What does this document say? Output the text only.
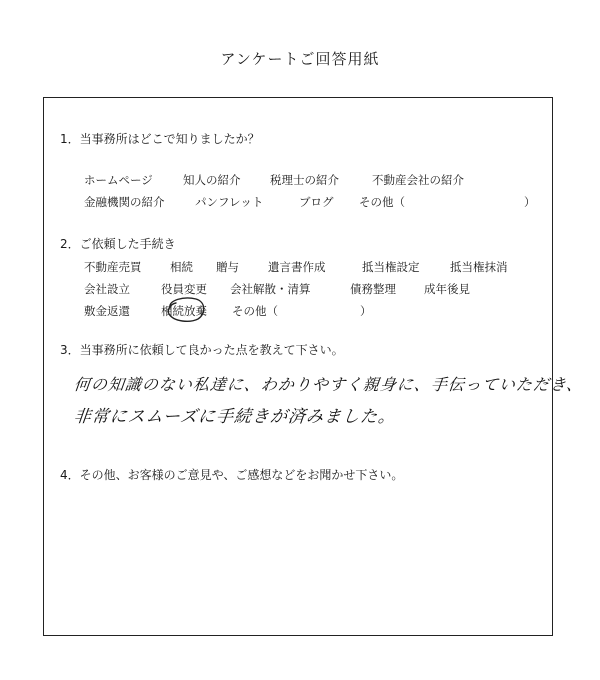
アンケートご回答用紙
1．当事務所はどこで知りましたか？
ホームページ	知人の紹介	税理士の紹介	不動産会社の紹介
金融機関の紹介	パンフレット	ブログ その他（	）
2．ご依頼した手続き
不動産売買 相続 贈与	遺言書作成	抵当権設定	抵当権抹消
会社設立	役員変更 会社解散・清算	債務整理 成年後見
敷金返還	相続放棄 その他（	）
3．当事務所に依頼して良かった点を教えて下さい。
何の知識のない私達に、わかりやすく親身に、手伝っていただき、
非常にスムーズに手続きが済みました。
4．その他、お客様のご意見や、ご感想などをお聞かせ下さい。
